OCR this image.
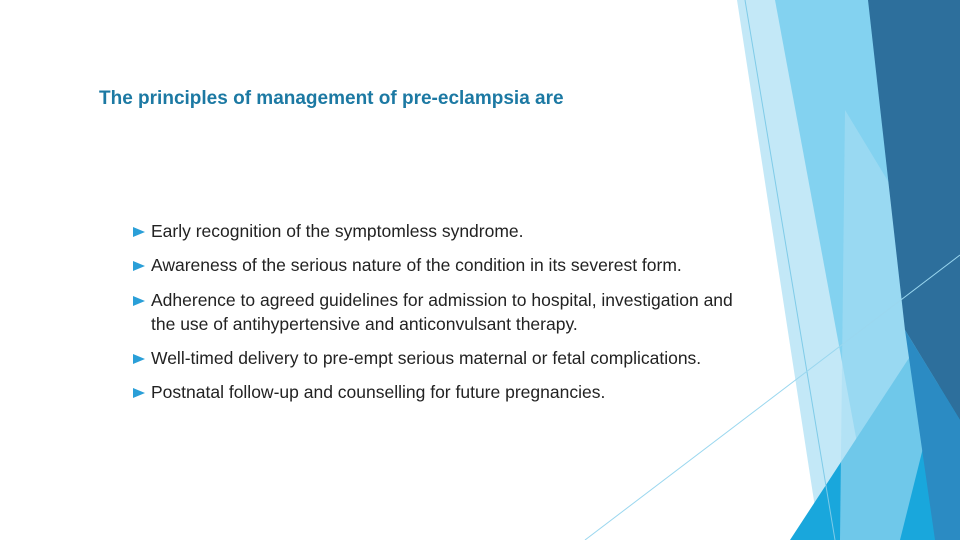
The principles of management of pre-eclampsia are
Early recognition of the symptomless syndrome.
Awareness of the serious nature of the condition in its severest form.
Adherence to agreed guidelines for admission to hospital, investigation and the use of antihypertensive and anticonvulsant therapy.
Well-timed delivery to pre-empt serious maternal or fetal complications.
Postnatal follow-up and counselling for future pregnancies.
